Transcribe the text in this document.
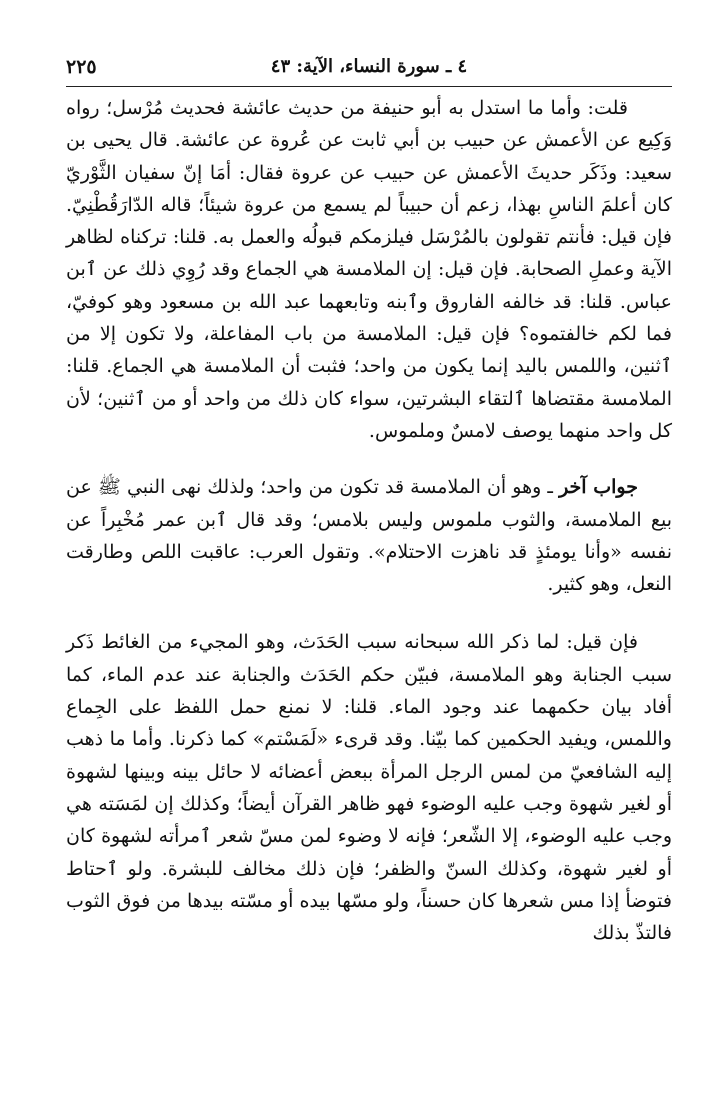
٤ ـ سورة النساء، الآية: ٤٣
٢٢٥

قلت: وأما ما استدل به أبو حنيفة من حديث عائشة فحديث مُرْسل؛ رواه وَكِيع عن الأعمش عن حبيب بن أبي ثابت عن عُروة عن عائشة. قال يحيى بن سعيد: وذَكَر حديثَ الأعمش عن حبيب عن عروة فقال: أمَا إنّ سفيان الثَّوْريّ كان أعلمَ الناسِ بهذا، زعم أن حبيباً لم يسمع من عروة شيئاً؛ قاله الدّارَقُطْنِيّ. فإن قيل: فأنتم تقولون بالمُرْسَل فيلزمكم قبولُه والعمل به. قلنا: تركناه لظاهر الآية وعملِ الصحابة. فإن قيل: إن الملامسة هي الجماع وقد رُوِي ذلك عن ٱبن عباس. قلنا: قد خالفه الفاروق وٱبنه وتابعهما عبد الله بن مسعود وهو كوفيّ، فما لكم خالفتموه؟ فإن قيل: الملامسة من باب المفاعلة، ولا تكون إلا من ٱثنين، واللمس باليد إنما يكون من واحد؛ فثبت أن الملامسة هي الجماع. قلنا: الملامسة مقتضاها ٱلتقاء البشرتين، سواء كان ذلك من واحد أو من ٱثنين؛ لأن كل واحد منهما يوصف لامسٌ وملموس.

جواب آخر ـ وهو أن الملامسة قد تكون من واحد؛ ولذلك نهى النبي ﷺ عن بيع الملامسة، والثوب ملموس وليس بلامس؛ وقد قال ٱبن عمر مُخْبِراً عن نفسه «وأنا يومئذٍ قد ناهزت الاحتلام». وتقول العرب: عاقبت اللص وطارقت النعل، وهو كثير.

فإن قيل: لما ذكر الله سبحانه سبب الحَدَث، وهو المجيء من الغائط ذَكر سبب الجنابة وهو الملامسة، فبيّن حكم الحَدَث والجنابة عند عدم الماء، كما أفاد بيان حكمهما عند وجود الماء. قلنا: لا نمنع حمل اللفظ على الجِماع واللمس، ويفيد الحكمين كما بيّنا. وقد قرىء «لَمَسْتم» كما ذكرنا. وأما ما ذهب إليه الشافعيّ من لمس الرجل المرأة ببعض أعضائه لا حائل بينه وبينها لشهوة أو لغير شهوة وجب عليه الوضوء فهو ظاهر القرآن أيضاً؛ وكذلك إن لمَسَته هي وجب عليه الوضوء، إلا الشّعر؛ فإنه لا وضوء لمن مسّ شعر ٱمرأته لشهوة كان أو لغير شهوة، وكذلك السنّ والظفر؛ فإن ذلك مخالف للبشرة. ولو ٱحتاط فتوضأ إذا مس شعرها كان حسناً، ولو مسّها بيده أو مسّته بيدها من فوق الثوب فالتذّ بذلك
